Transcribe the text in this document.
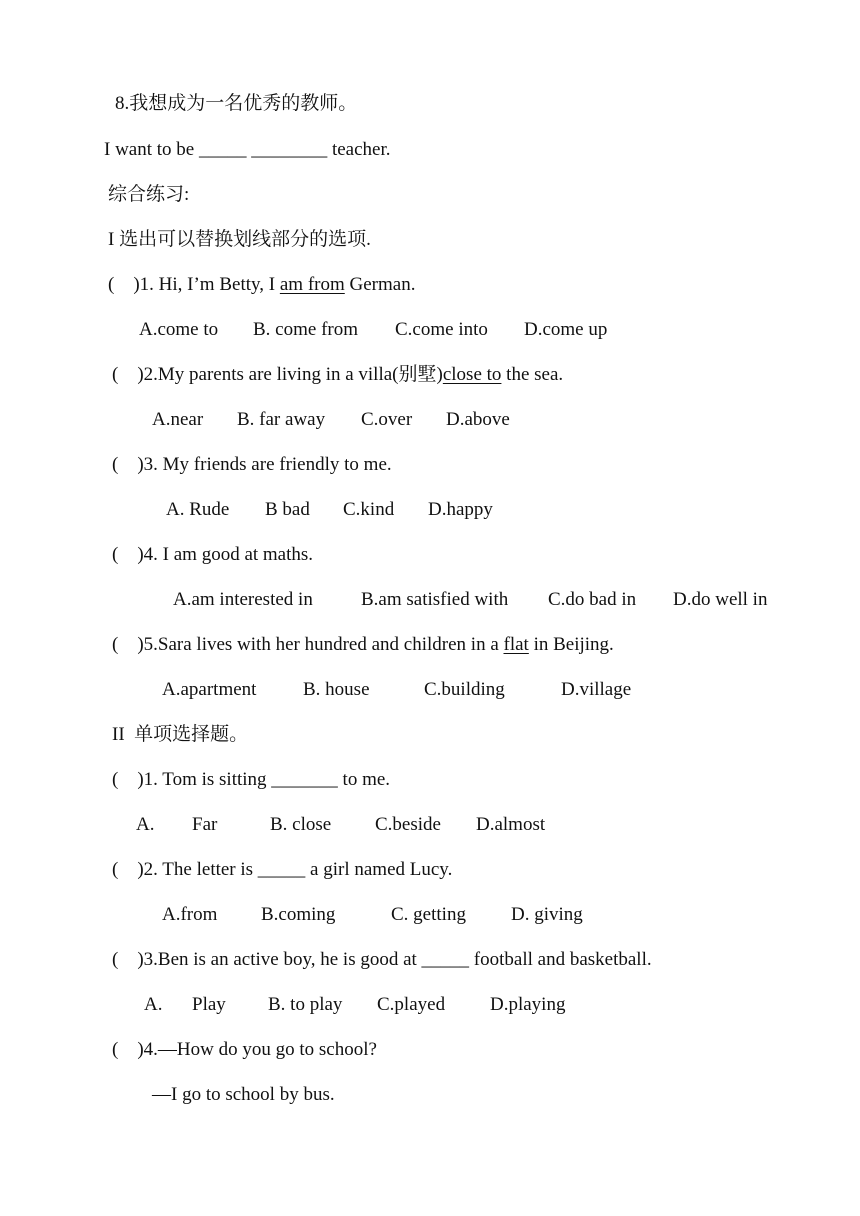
8.我想成为一名优秀的教师。
I want to be _____ ________ teacher.
综合练习:
I 选出可以替换划线部分的选项.
(    )1. Hi, I’m Betty, I am from German.
A.come to B. come from C.come into D.come up
(    )2.My parents are living in a villa(别墅)close to the sea.
A.near B. far away C.over D.above
(    )3. My friends are friendly to me.
A. Rude B bad C.kind D.happy
(    )4. I am good at maths.
A.am interested in	B.am satisfied with C.do bad in D.do well in
(    )5.Sara lives with her hundred and children in a flat in Beijing.
A.apartment B. house	C.building	D.village
II  单项选择题。
(    )1. Tom is sitting _______ to me.
A. Far	B. close C.beside D.almost
(    )2. The letter is _____ a girl named Lucy.
A.from B.coming	C. getting D. giving
(    )3.Ben is an active boy, he is good at _____ football and basketball.
A. Play B. to play C.played D.playing
(    )4.—How do you go to school?
—I go to school by bus.
